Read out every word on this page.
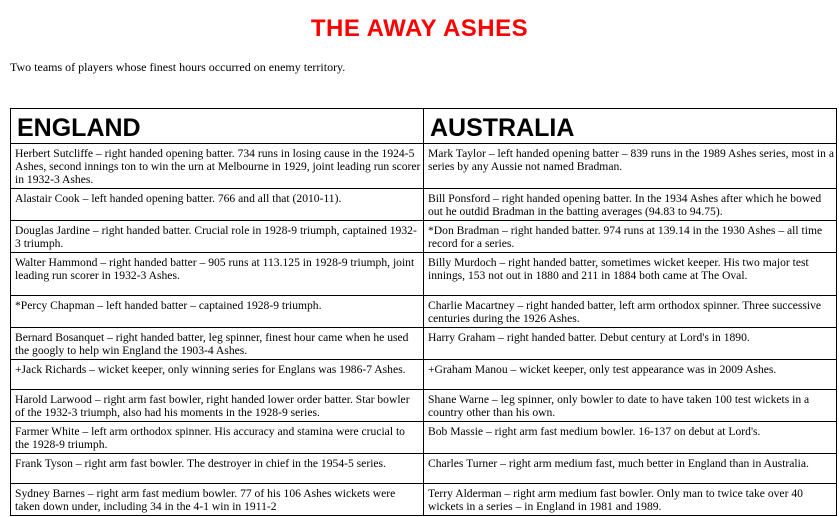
THE AWAY ASHES
Two teams of players whose finest hours occurred on enemy territory.
ENGLAND	AUSTRALIA
Herbert Sutcliffe – right handed opening batter. 734 runs in losing cause in the 1924-5 Ashes, second innings ton to win the urn at Melbourne in 1929, joint leading run scorer in 1932-3 Ashes.	Mark Taylor – left handed opening batter – 839 runs in the 1989 Ashes series, most in a series by any Aussie not named Bradman.
Alastair Cook – left handed opening batter. 766 and all that (2010-11).	Bill Ponsford – right handed opening batter. In the 1934 Ashes after which he bowed out he outdid Bradman in the batting averages (94.83 to 94.75).
Douglas Jardine – right handed batter. Crucial role in 1928-9 triumph, captained 1932-3 triumph.	*Don Bradman – right handed batter. 974 runs at 139.14 in the 1930 Ashes – all time record for a series.
Walter Hammond – right handed batter – 905 runs at 113.125 in 1928-9 triumph, joint leading run scorer in 1932-3 Ashes.	Billy Murdoch – right handed batter, sometimes wicket keeper. His two major test innings, 153 not out in 1880 and 211 in 1884 both came at The Oval.
*Percy Chapman – left handed batter – captained 1928-9 triumph.	Charlie Macartney – right handed batter, left arm orthodox spinner. Three successive centuries during the 1926 Ashes.
Bernard Bosanquet – right handed batter, leg spinner, finest hour came when he used the googly to help win England the 1903-4 Ashes.	Harry Graham – right handed batter. Debut century at Lord's in 1890.
+Jack Richards – wicket keeper, only winning series for Englans was 1986-7 Ashes.	+Graham Manou – wicket keeper, only test appearance was in 2009 Ashes.
Harold Larwood – right arm fast bowler, right handed lower order batter. Star bowler of the 1932-3 triumph, also had his moments in the 1928-9 series.	Shane Warne – leg spinner, only bowler to date to have taken 100 test wickets in a country other than his own.
Farmer White – left arm orthodox spinner. His accuracy and stamina were crucial to the 1928-9 triumph.	Bob Massie – right arm fast medium bowler. 16-137 on debut at Lord's.
Frank Tyson – right arm fast bowler. The destroyer in chief in the 1954-5 series.	Charles Turner – right arm medium fast, much better in England than in Australia.
Sydney Barnes – right arm fast medium bowler. 77 of his 106 Ashes wickets were taken down under, including 34 in the 4-1 win in 1911-2	Terry Alderman – right arm medium fast bowler. Only man to twice take over 40 wickets in a series – in England in 1981 and 1989.
